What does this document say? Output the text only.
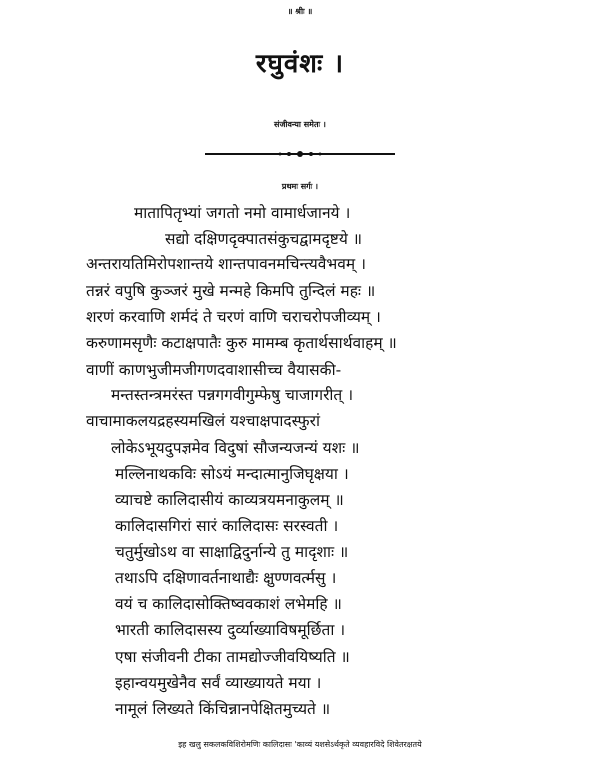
॥ श्रीः ॥
रघुवंशः ।
संजीवन्या समेतः ।
प्रथमः सर्गः ।
मातापितृभ्यां जगतो नमो वामार्धजानये ।
सद्यो दक्षिणदृक्पातसंकुचद्वामदृष्टये ॥
अन्तरायतिमिरोपशान्तये शान्तपावनमचिन्त्यवैभवम् ।
तन्नरं वपुषि कुञ्जरं मुखे मन्महे किमपि तुन्दिलं महः ॥
शरणं करवाणि शर्मदं ते चरणं वाणि चराचरोपजीव्यम् ।
करुणामसृणैः कटाक्षपातैः कुरु मामम्ब कृतार्थसार्थवाहम् ॥
वाणीं काणभुजीमजीगणदवाशासीच्च वैयासकी-
मन्तस्तन्त्रमरंस्त पन्नगगवीगुम्फेषु चाजागरीत् ।
वाचामाकलयद्रहस्यमखिलं यश्चाक्षपादस्फुरां
लोकेऽभूयदुपज्ञमेव विदुषां सौजन्यजन्यं यशः ॥
मल्लिनाथकविः सोऽयं मन्दात्मानुजिघृक्षया ।
व्याचष्टे कालिदासीयं काव्यत्रयमनाकुलम् ॥
कालिदासगिरां सारं कालिदासः सरस्वती ।
चतुर्मुखोऽथ वा साक्षाद्विदुर्नान्ये तु मादृशाः ॥
तथाऽपि दक्षिणावर्तनाथाद्यैः क्षुण्णवर्त्मसु ।
वयं च कालिदासोक्तिष्ववकाशं लभेमहि ॥
भारती कालिदासस्य दुर्व्याख्याविषमूर्छिता ।
एषा संजीवनी टीका तामद्योज्जीवयिष्यति ॥
इहान्वयमुखेनैव सर्वं व्याख्यायते मया ।
नामूलं लिख्यते किंचिन्नानपेक्षितमुच्यते ॥
इह खलु सकलकविशिरोमणिः कालिदासः 'काव्यं यशसेऽर्थकृते व्यवहारविदे शिवेतरक्षतये
